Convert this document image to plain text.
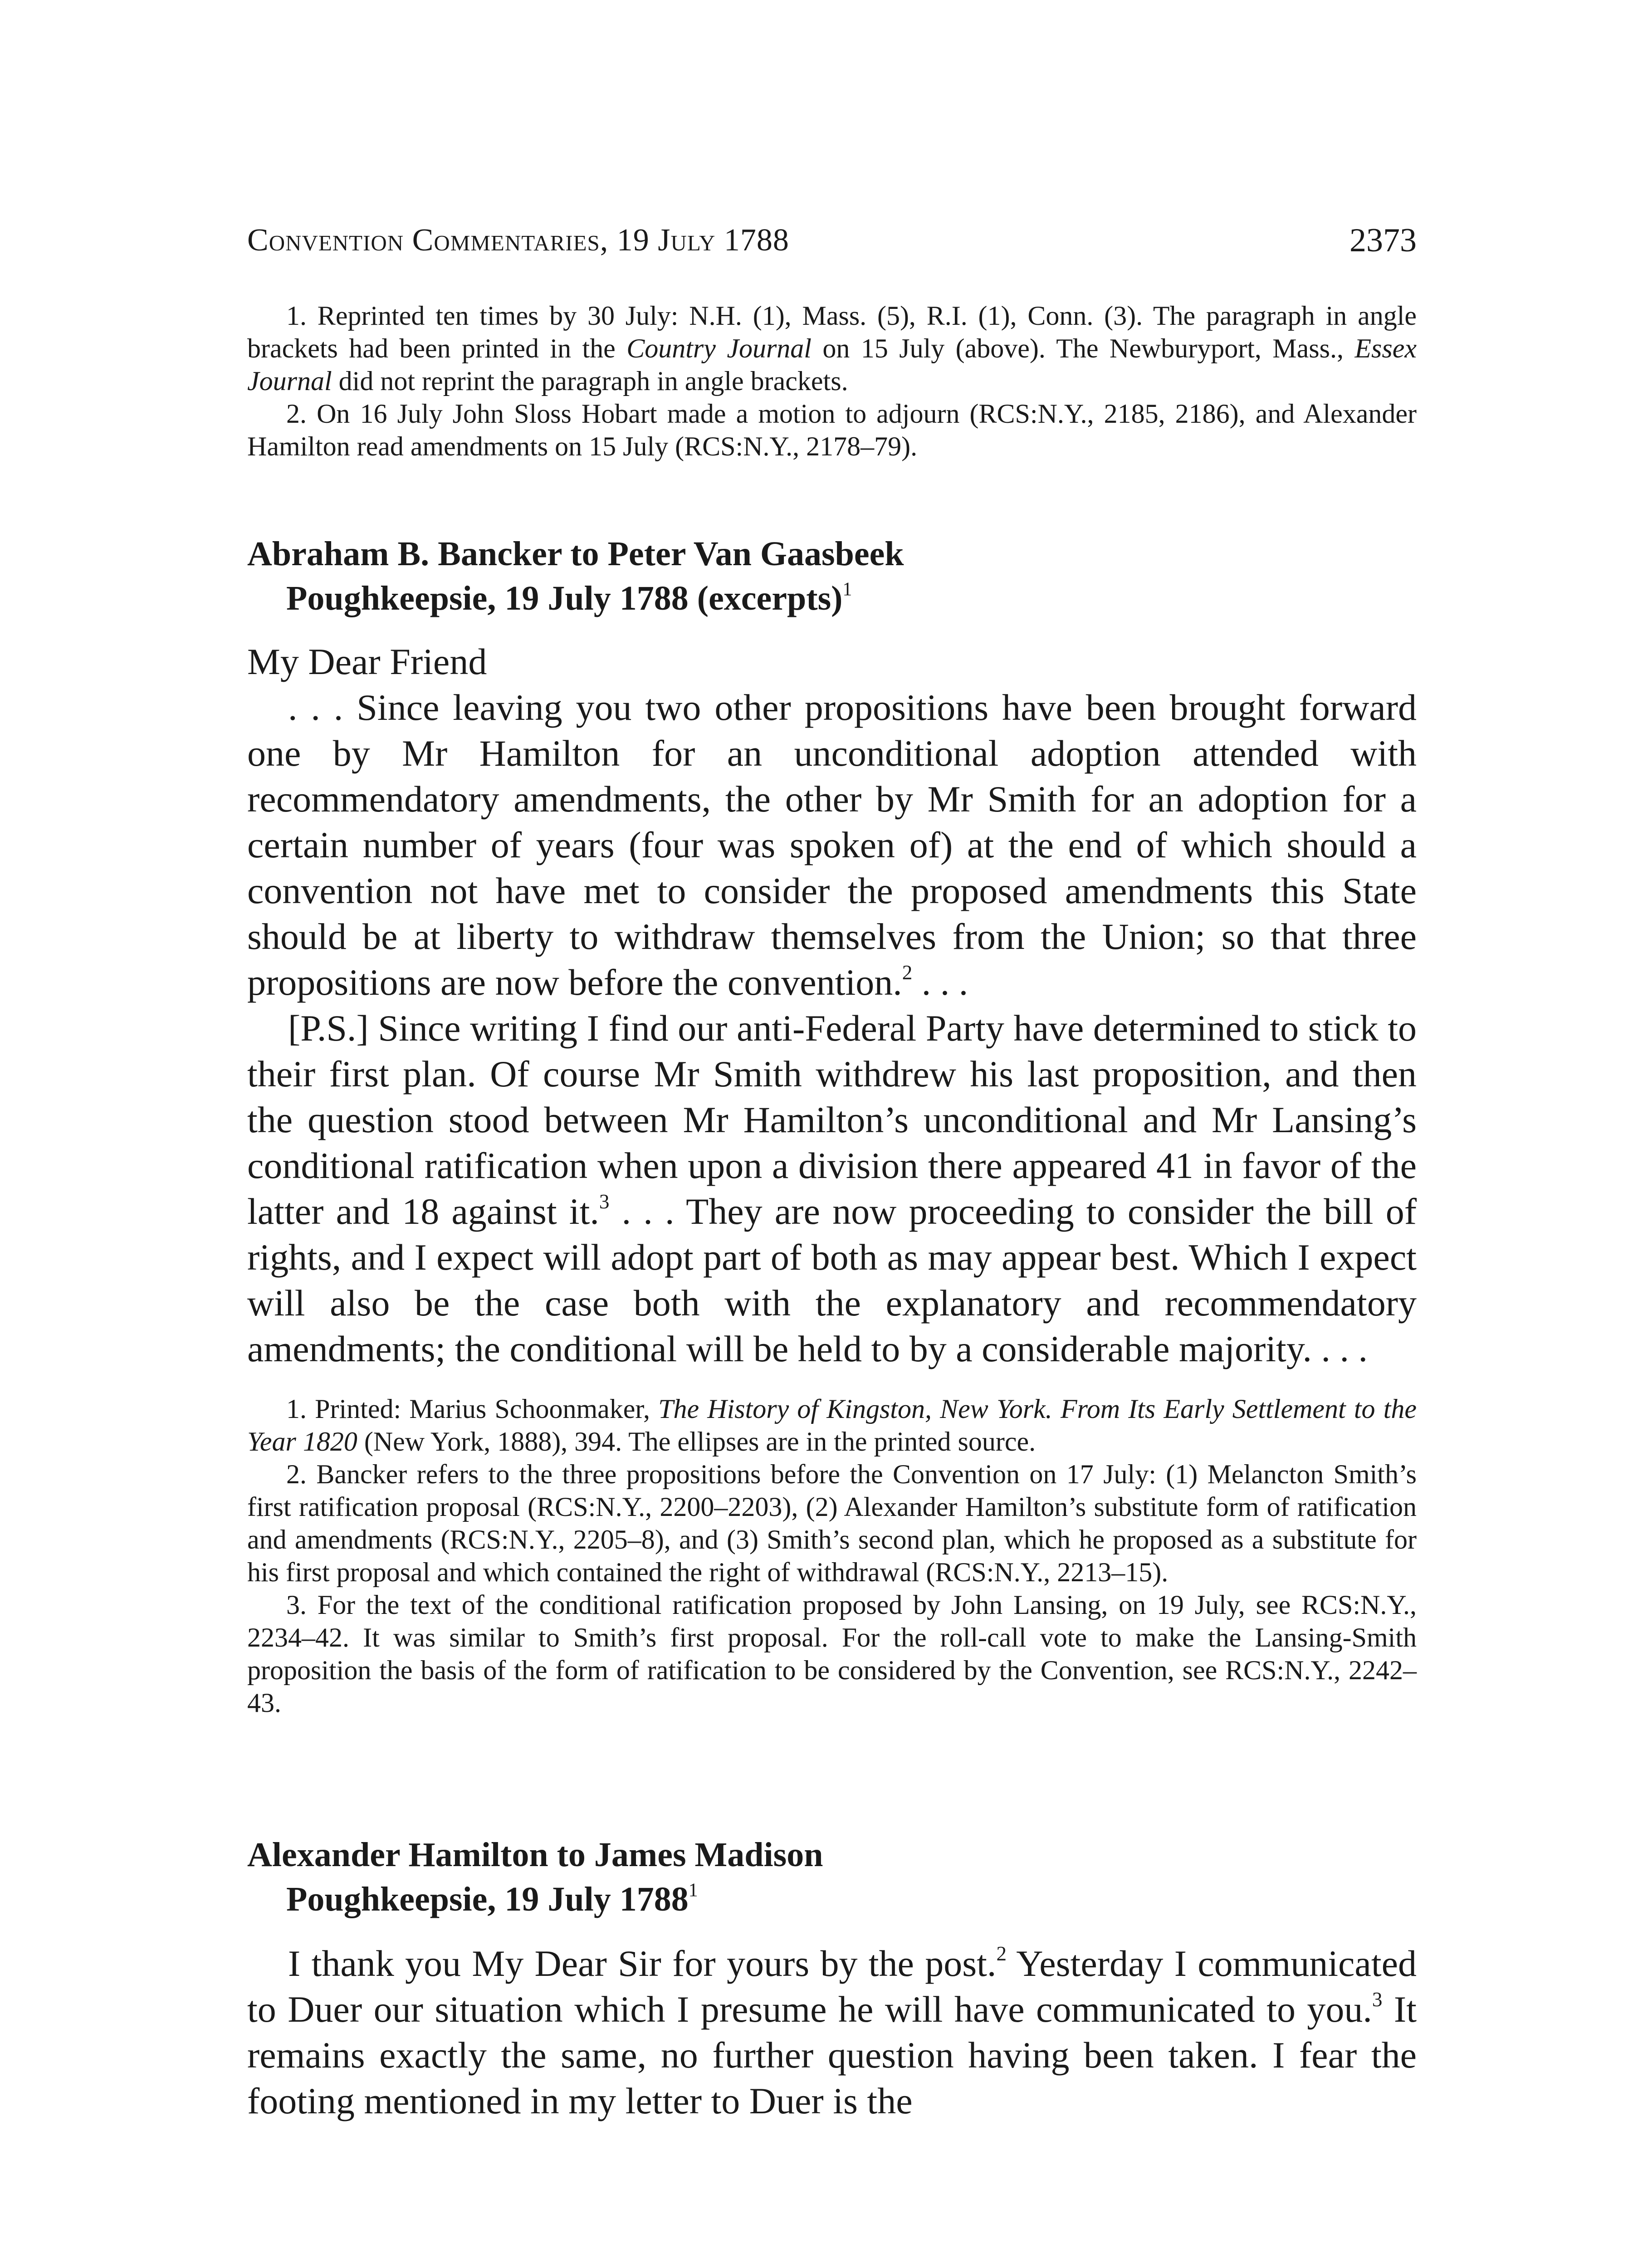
Convention Commentaries, 19 July 1788	2373

1. Reprinted ten times by 30 July: N.H. (1), Mass. (5), R.I. (1), Conn. (3). The paragraph in angle brackets had been printed in the Country Journal on 15 July (above). The Newburyport, Mass., Essex Journal did not reprint the paragraph in angle brackets.

2. On 16 July John Sloss Hobart made a motion to adjourn (RCS:N.Y., 2185, 2186), and Alexander Hamilton read amendments on 15 July (RCS:N.Y., 2178–79).

Abraham B. Bancker to Peter Van Gaasbeek
Poughkeepsie, 19 July 1788 (excerpts)$^1$

My Dear Friend

. . . Since leaving you two other propositions have been brought forward one by Mr Hamilton for an unconditional adoption attended with recommendatory amendments, the other by Mr Smith for an adoption for a certain number of years (four was spoken of) at the end of which should a convention not have met to consider the proposed amendments this State should be at liberty to withdraw themselves from the Union; so that three propositions are now before the convention.$^2$ . . .

[P.S.] Since writing I find our anti-Federal Party have determined to stick to their first plan. Of course Mr Smith withdrew his last proposition, and then the question stood between Mr Hamilton’s unconditional and Mr Lansing’s conditional ratification when upon a division there appeared 41 in favor of the latter and 18 against it.$^3$ . . . They are now proceeding to consider the bill of rights, and I expect will adopt part of both as may appear best. Which I expect will also be the case both with the explanatory and recommendatory amendments; the conditional will be held to by a considerable majority. . . .

1. Printed: Marius Schoonmaker, The History of Kingston, New York. From Its Early Settlement to the Year 1820 (New York, 1888), 394. The ellipses are in the printed source.

2. Bancker refers to the three propositions before the Convention on 17 July: (1) Melancton Smith’s first ratification proposal (RCS:N.Y., 2200–2203), (2) Alexander Hamilton’s substitute form of ratification and amendments (RCS:N.Y., 2205–8), and (3) Smith’s second plan, which he proposed as a substitute for his first proposal and which contained the right of withdrawal (RCS:N.Y., 2213–15).

3. For the text of the conditional ratification proposed by John Lansing, on 19 July, see RCS:N.Y., 2234–42. It was similar to Smith’s first proposal. For the roll-call vote to make the Lansing-Smith proposition the basis of the form of ratification to be considered by the Convention, see RCS:N.Y., 2242–43.

Alexander Hamilton to James Madison
Poughkeepsie, 19 July 1788$^1$

I thank you My Dear Sir for yours by the post.$^2$ Yesterday I communicated to Duer our situation which I presume he will have communicated to you.$^3$ It remains exactly the same, no further question having been taken. I fear the footing mentioned in my letter to Duer is the
